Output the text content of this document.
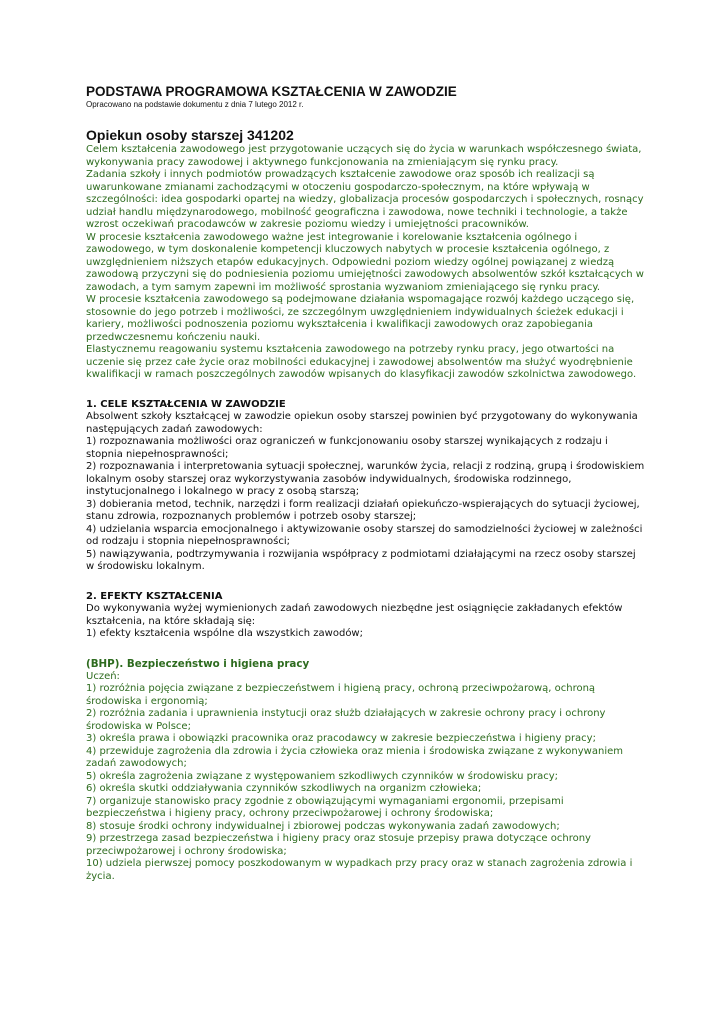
PODSTAWA PROGRAMOWA KSZTAŁCENIA W ZAWODZIE

Opracowano na podstawie dokumentu z dnia 7 lutego 2012 r.

Opiekun osoby starszej 341202

Celem kształcenia zawodowego jest przygotowanie uczących się do życia w warunkach współczesnego świata, wykonywania pracy zawodowej i aktywnego funkcjonowania na zmieniającym się rynku pracy.

Zadania szkoły i innych podmiotów prowadzących kształcenie zawodowe oraz sposób ich realizacji są uwarunkowane zmianami zachodzącymi w otoczeniu gospodarczo-społecznym, na które wpływają w szczególności: idea gospodarki opartej na wiedzy, globalizacja procesów gospodarczych i społecznych, rosnący udział handlu międzynarodowego, mobilność geograficzna i zawodowa, nowe techniki i technologie, a także wzrost oczekiwań pracodawców w zakresie poziomu wiedzy i umiejętności pracowników.

W procesie kształcenia zawodowego ważne jest integrowanie i korelowanie kształcenia ogólnego i zawodowego, w tym doskonalenie kompetencji kluczowych nabytych w procesie kształcenia ogólnego, z uwzględnieniem niższych etapów edukacyjnych. Odpowiedni poziom wiedzy ogólnej powiązanej z wiedzą zawodową przyczyni się do podniesienia poziomu umiejętności zawodowych absolwentów szkół kształcących w zawodach, a tym samym zapewni im możliwość sprostania wyzwaniom zmieniającego się rynku pracy.

W procesie kształcenia zawodowego są podejmowane działania wspomagające rozwój każdego uczącego się, stosownie do jego potrzeb i możliwości, ze szczególnym uwzględnieniem indywidualnych ścieżek edukacji i kariery, możliwości podnoszenia poziomu wykształcenia i kwalifikacji zawodowych oraz zapobiegania przedwczesnemu kończeniu nauki.

Elastycznemu reagowaniu systemu kształcenia zawodowego na potrzeby rynku pracy, jego otwartości na uczenie się przez całe życie oraz mobilności edukacyjnej i zawodowej absolwentów ma służyć wyodrębnienie kwalifikacji w ramach poszczególnych zawodów wpisanych do klasyfikacji zawodów szkolnictwa zawodowego.

1. CELE KSZTAŁCENIA W ZAWODZIE

Absolwent szkoły kształcącej w zawodzie opiekun osoby starszej powinien być przygotowany do wykonywania następujących zadań zawodowych:

1) rozpoznawania możliwości oraz ograniczeń w funkcjonowaniu osoby starszej wynikających z rodzaju i stopnia niepełnosprawności;
2) rozpoznawania i interpretowania sytuacji społecznej, warunków życia, relacji z rodziną, grupą i środowiskiem lokalnym osoby starszej oraz wykorzystywania zasobów indywidualnych, środowiska rodzinnego, instytucjonalnego i lokalnego w pracy z osobą starszą;
3) dobierania metod, technik, narzędzi i form realizacji działań opiekuńczo-wspierających do sytuacji życiowej, stanu zdrowia, rozpoznanych problemów i potrzeb osoby starszej;
4) udzielania wsparcia emocjonalnego i aktywizowanie osoby starszej do samodzielności życiowej w zależności od rodzaju i stopnia niepełnosprawności;
5) nawiązywania, podtrzymywania i rozwijania współpracy z podmiotami działającymi na rzecz osoby starszej w środowisku lokalnym.
2. EFEKTY KSZTAŁCENIA

Do wykonywania wyżej wymienionych zadań zawodowych niezbędne jest osiągnięcie zakładanych efektów kształcenia, na które składają się:

1) efekty kształcenia wspólne dla wszystkich zawodów;

(BHP). Bezpieczeństwo i higiena pracy

Uczeń:

1) rozróżnia pojęcia związane z bezpieczeństwem i higieną pracy, ochroną przeciwpożarową, ochroną środowiska i ergonomią;
2) rozróżnia zadania i uprawnienia instytucji oraz służb działających w zakresie ochrony pracy i ochrony środowiska w Polsce;
3) określa prawa i obowiązki pracownika oraz pracodawcy w zakresie bezpieczeństwa i higieny pracy;
4) przewiduje zagrożenia dla zdrowia i życia człowieka oraz mienia i środowiska związane z wykonywaniem zadań zawodowych;
5) określa zagrożenia związane z występowaniem szkodliwych czynników w środowisku pracy;
6) określa skutki oddziaływania czynników szkodliwych na organizm człowieka;
7) organizuje stanowisko pracy zgodnie z obowiązującymi wymaganiami ergonomii, przepisami bezpieczeństwa i higieny pracy, ochrony przeciwpożarowej i ochrony środowiska;
8) stosuje środki ochrony indywidualnej i zbiorowej podczas wykonywania zadań zawodowych;
9) przestrzega zasad bezpieczeństwa i higieny pracy oraz stosuje przepisy prawa dotyczące ochrony przeciwpożarowej i ochrony środowiska;
10) udziela pierwszej pomocy poszkodowanym w wypadkach przy pracy oraz w stanach zagrożenia zdrowia i życia.
